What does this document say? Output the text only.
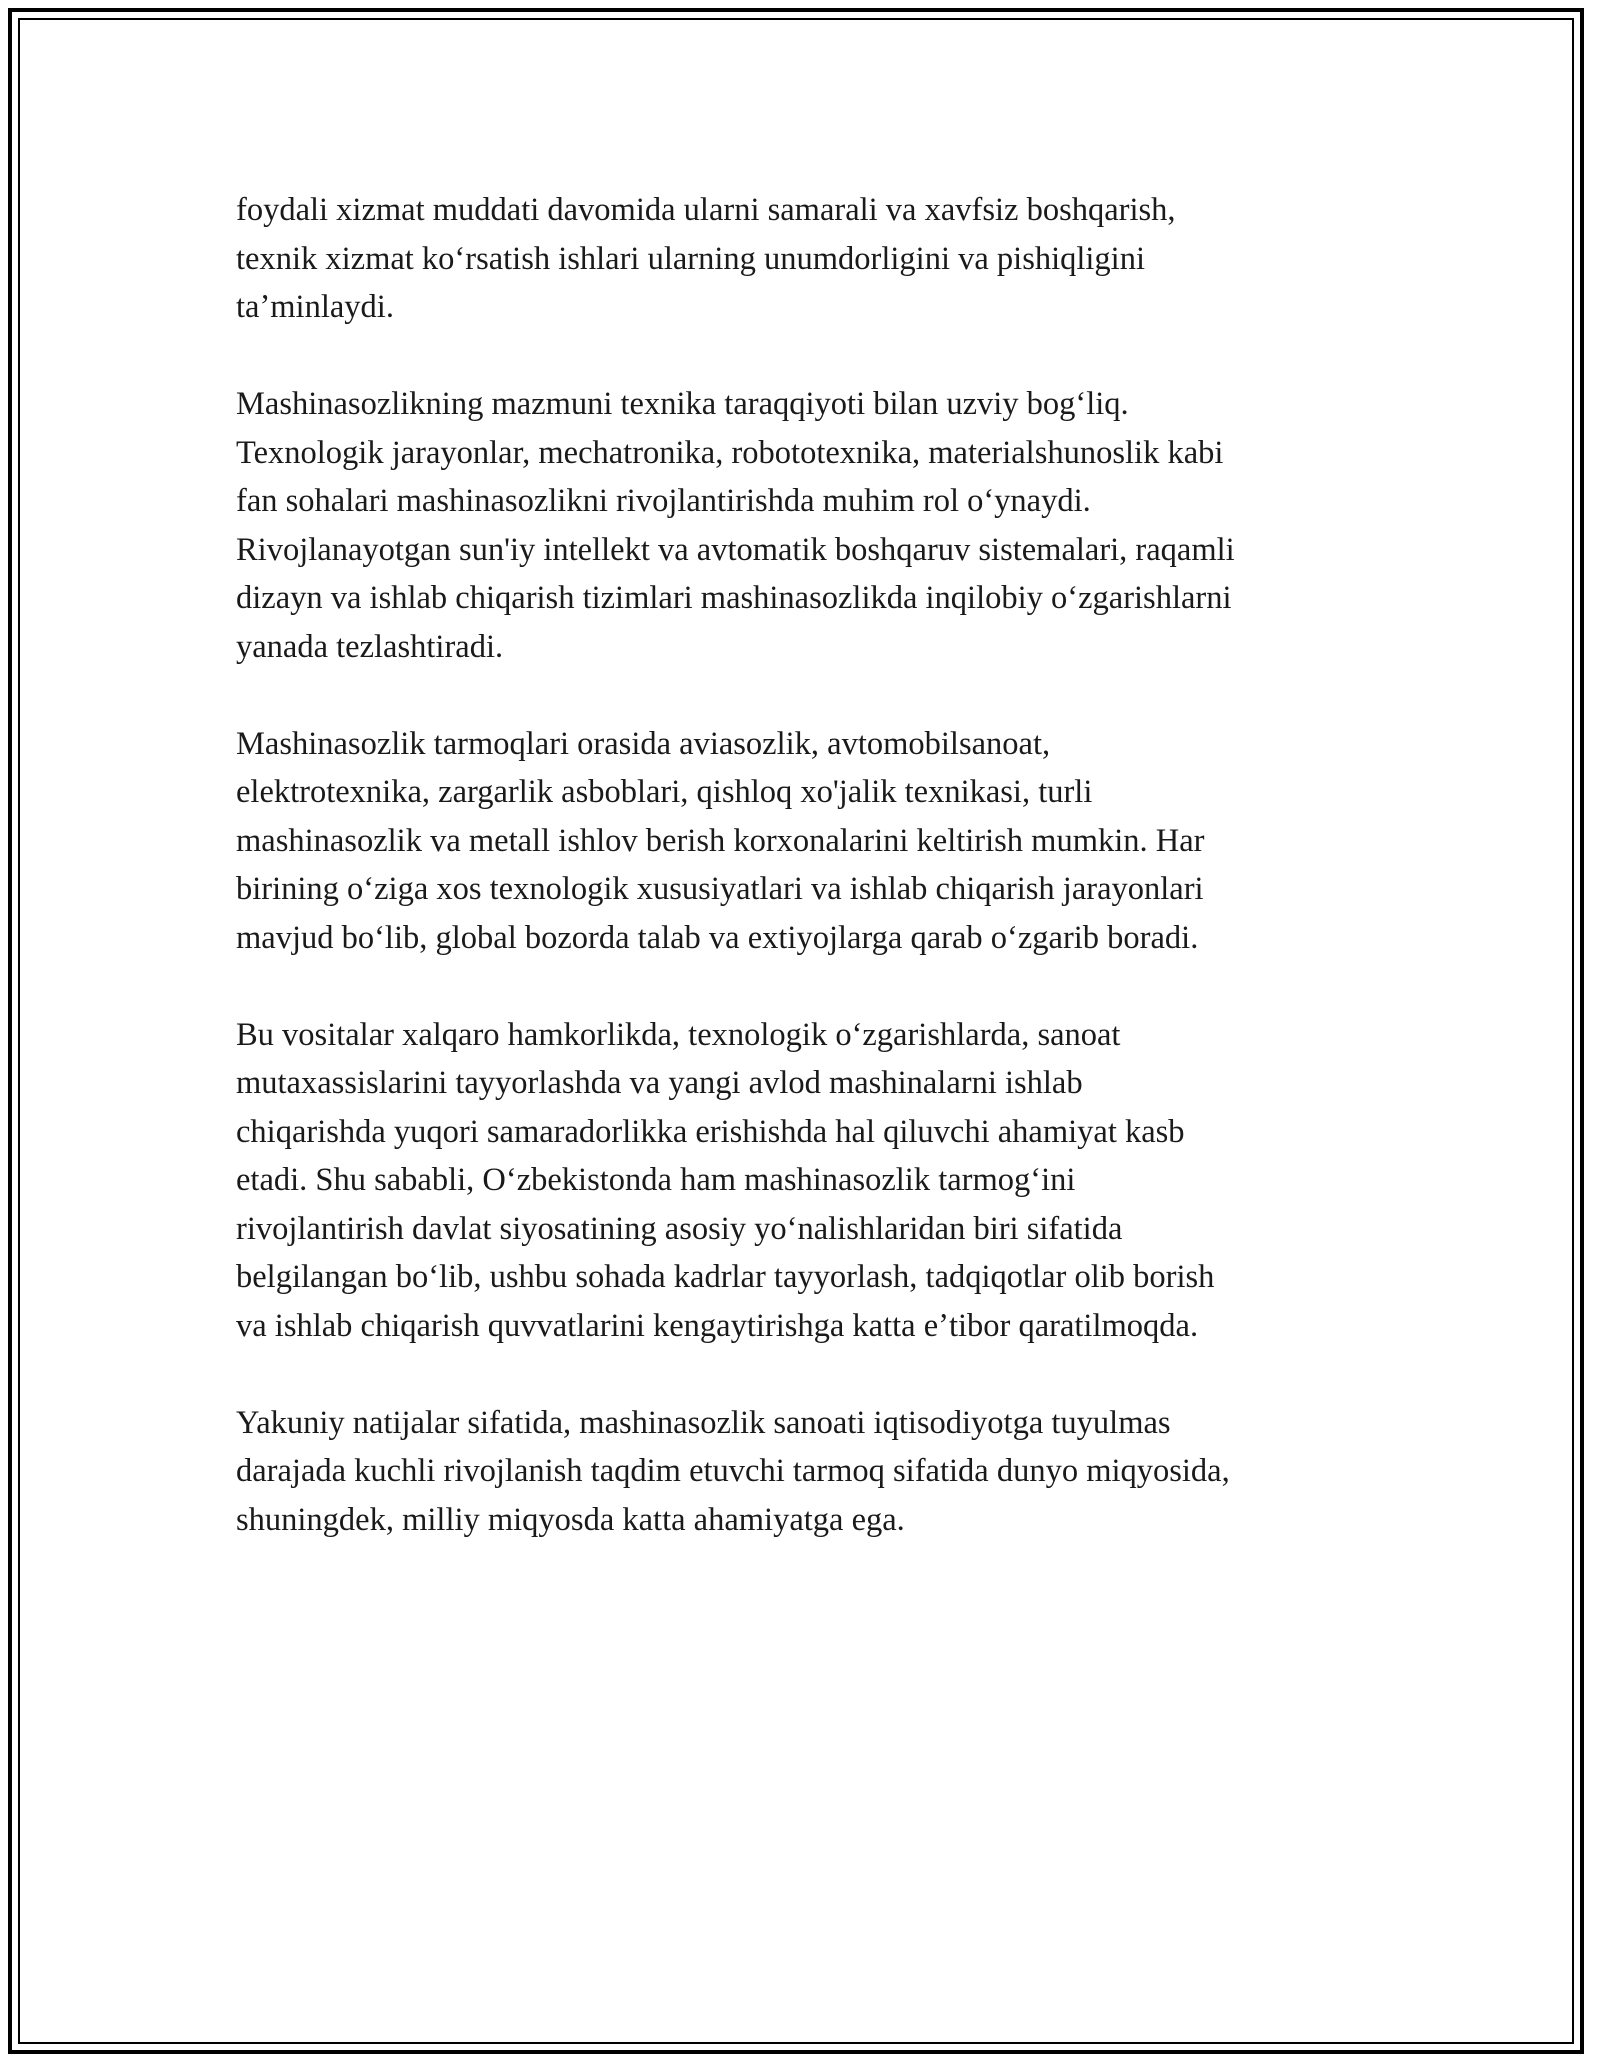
foydali xizmat muddati davomida ularni samarali va xavfsiz boshqarish,
texnik xizmat koʻrsatish ishlari ularning unumdorligini va pishiqligini
taʼminlaydi.

Mashinasozlikning mazmuni texnika taraqqiyoti bilan uzviy bogʻliq.
Texnologik jarayonlar, mechatronika, robototexnika, materialshunoslik kabi
fan sohalari mashinasozlikni rivojlantirishda muhim rol oʻynaydi.
Rivojlanayotgan sun'iy intellekt va avtomatik boshqaruv sistemalari, raqamli
dizayn va ishlab chiqarish tizimlari mashinasozlikda inqilobiy oʻzgarishlarni
yanada tezlashtiradi.

Mashinasozlik tarmoqlari orasida aviasozlik, avtomobilsanoat,
elektrotexnika, zargarlik asboblari, qishloq xo'jalik texnikasi, turli
mashinasozlik va metall ishlov berish korxonalarini keltirish mumkin. Har
birining oʻziga xos texnologik xususiyatlari va ishlab chiqarish jarayonlari
mavjud boʻlib, global bozorda talab va extiyojlarga qarab oʻzgarib boradi.

Bu vositalar xalqaro hamkorlikda, texnologik oʻzgarishlarda, sanoat
mutaxassislarini tayyorlashda va yangi avlod mashinalarni ishlab
chiqarishda yuqori samaradorlikka erishishda hal qiluvchi ahamiyat kasb
etadi. Shu sababli, Oʻzbekistonda ham mashinasozlik tarmogʻini
rivojlantirish davlat siyosatining asosiy yoʻnalishlaridan biri sifatida
belgilangan boʻlib, ushbu sohada kadrlar tayyorlash, tadqiqotlar olib borish
va ishlab chiqarish quvvatlarini kengaytirishga katta eʼtibor qaratilmoqda.

Yakuniy natijalar sifatida, mashinasozlik sanoati iqtisodiyotga tuyulmas
darajada kuchli rivojlanish taqdim etuvchi tarmoq sifatida dunyo miqyosida,
shuningdek, milliy miqyosda katta ahamiyatga ega.
